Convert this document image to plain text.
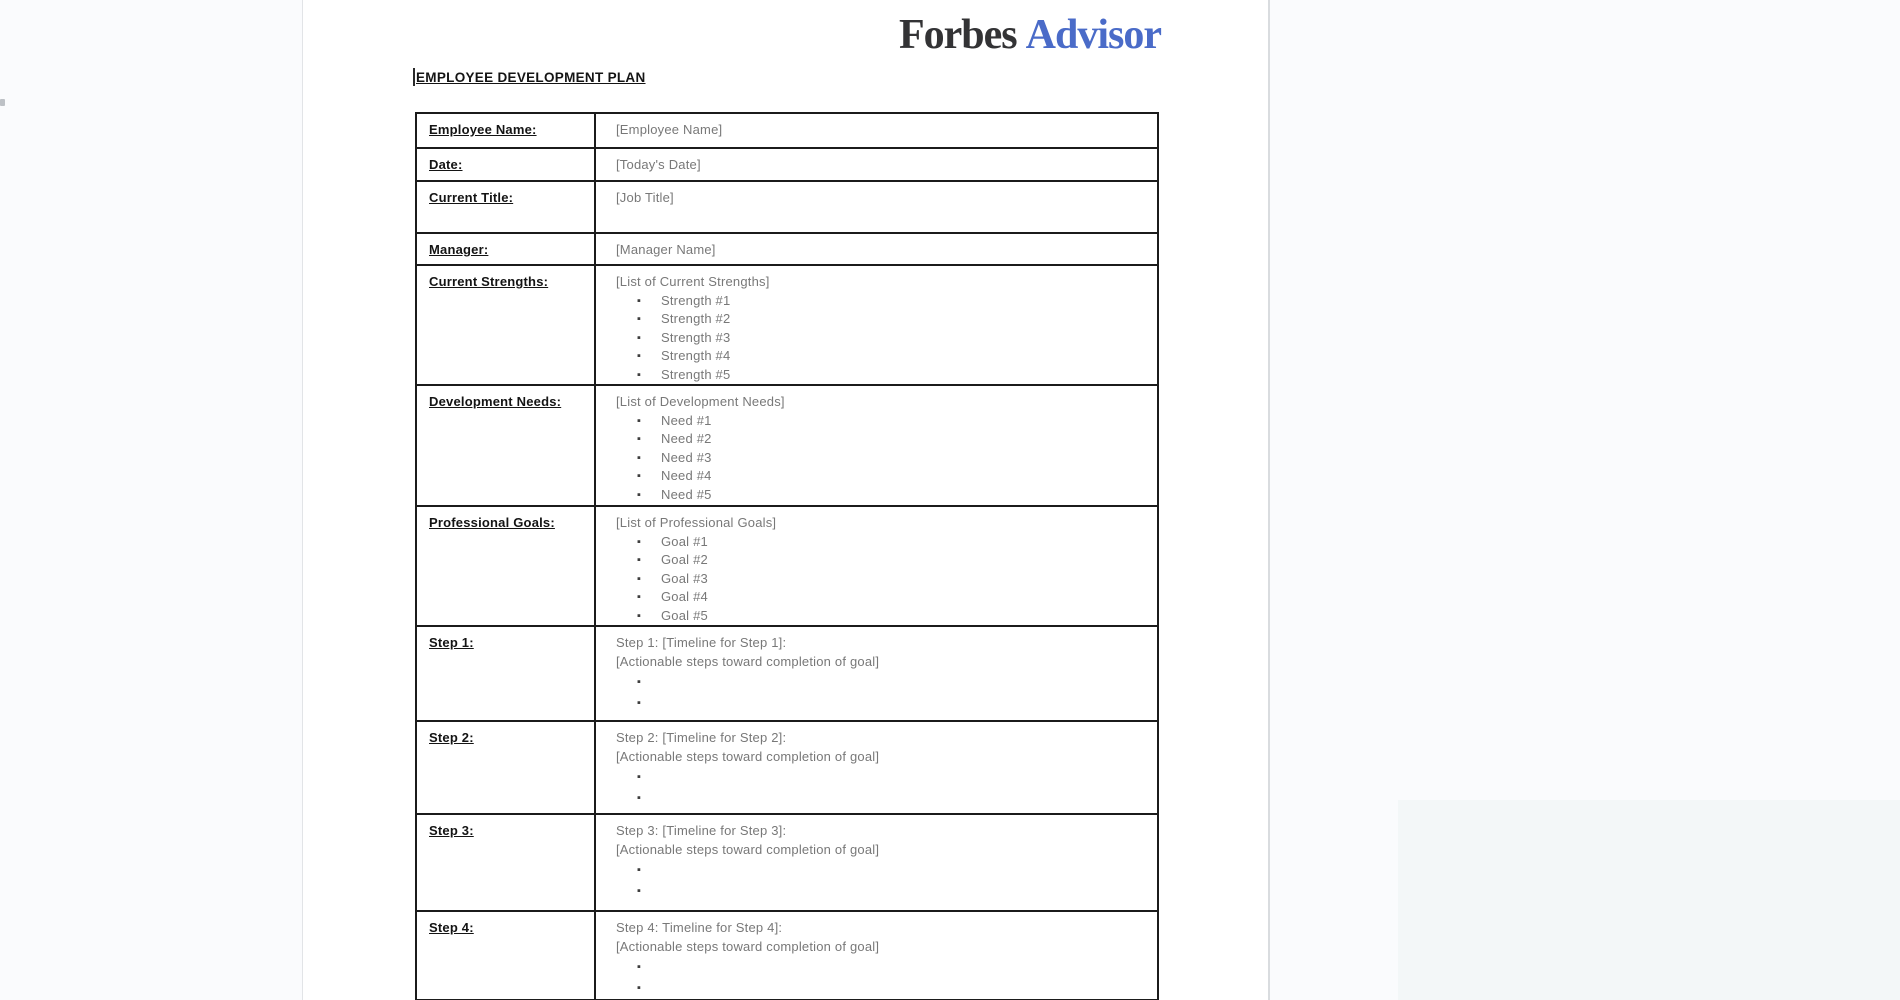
Forbes Advisor
EMPLOYEE DEVELOPMENT PLAN
Employee Name:	[Employee Name]

Date:	[Today's Date]

Current Title:	[Job Title]

Manager:	[Manager Name]

Current Strengths:	[List of Current Strengths]
▪ Strength #1
▪ Strength #2
▪ Strength #3
▪ Strength #4
▪ Strength #5

Development Needs:	[List of Development Needs]
▪ Need #1
▪ Need #2
▪ Need #3
▪ Need #4
▪ Need #5

Professional Goals:	[List of Professional Goals]
▪ Goal #1
▪ Goal #2
▪ Goal #3
▪ Goal #4
▪ Goal #5

Step 1:	Step 1: [Timeline for Step 1]:
[Actionable steps toward completion of goal]
▪
▪

Step 2:	Step 2: [Timeline for Step 2]:
[Actionable steps toward completion of goal]
▪
▪

Step 3:	Step 3: [Timeline for Step 3]:
[Actionable steps toward completion of goal]
▪
▪

Step 4:	Step 4: Timeline for Step 4]:
[Actionable steps toward completion of goal]
▪
▪
